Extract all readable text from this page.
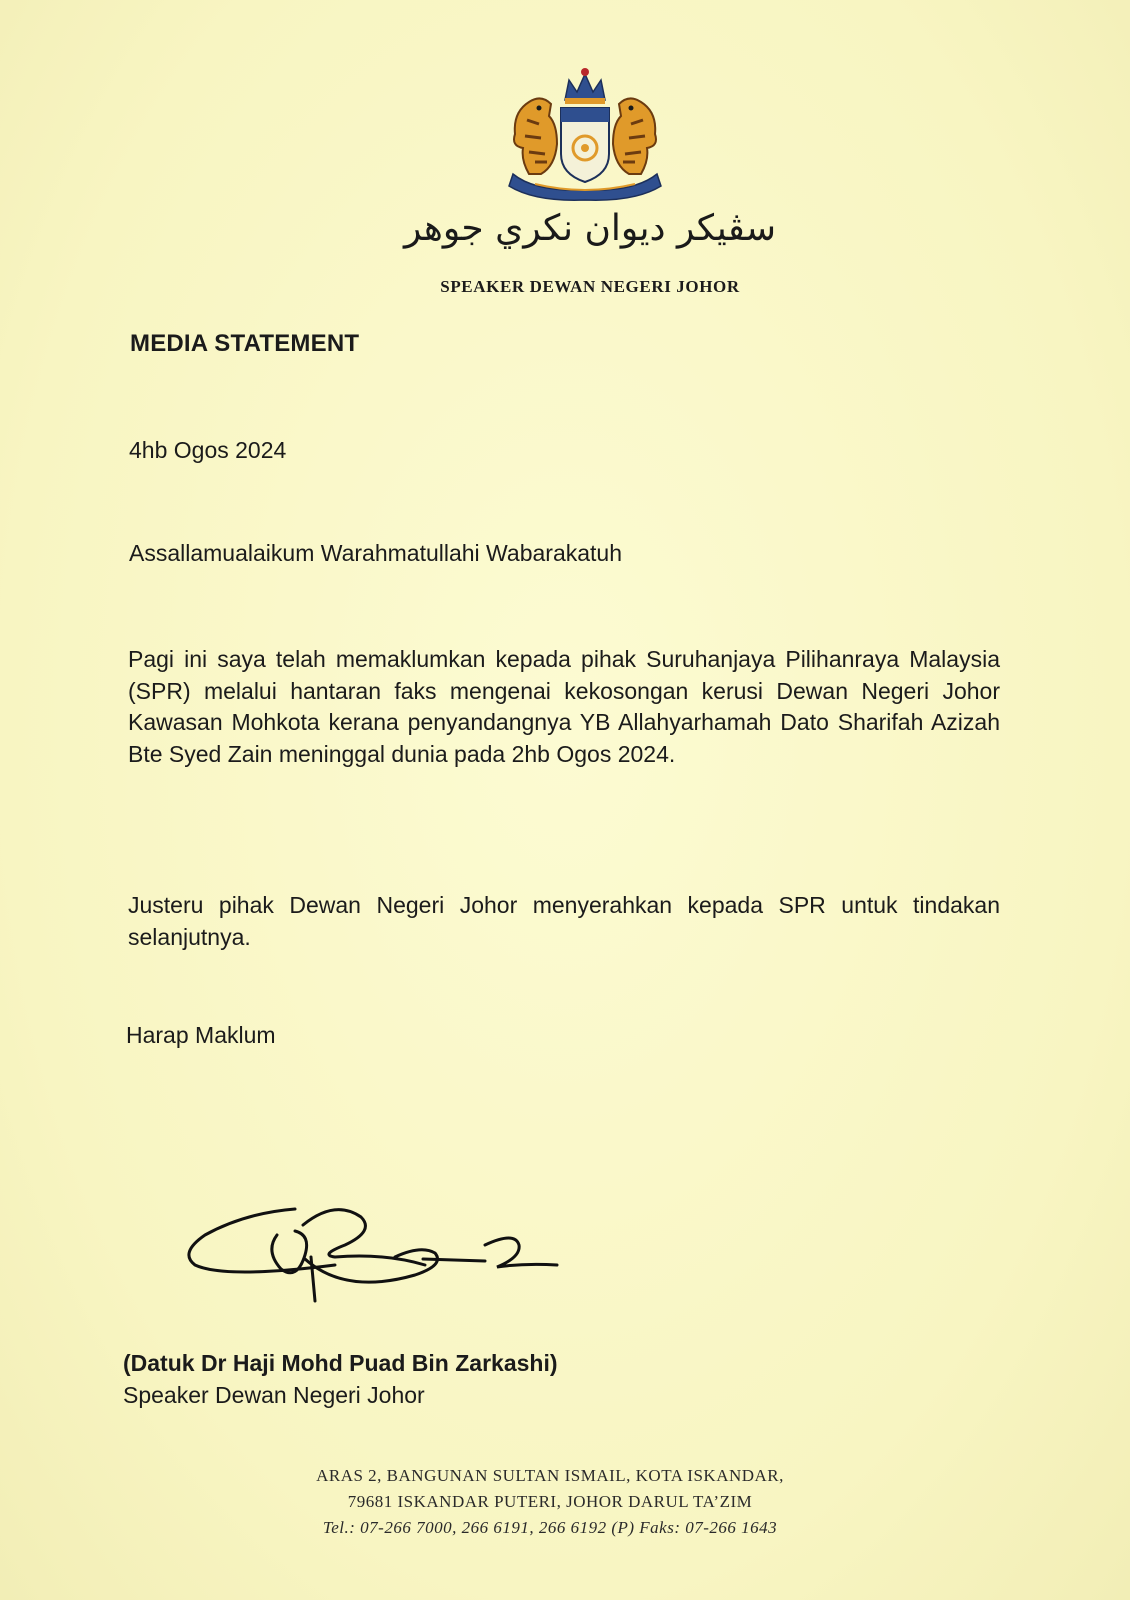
سڤيکر ديوان نکري جوهر
SPEAKER DEWAN NEGERI JOHOR
MEDIA STATEMENT
4hb Ogos 2024
Assallamualaikum Warahmatullahi Wabarakatuh

Pagi ini saya telah memaklumkan kepada pihak Suruhanjaya Pilihanraya Malaysia (SPR) melalui hantaran faks mengenai kekosongan kerusi Dewan Negeri Johor Kawasan Mohkota kerana penyandangnya YB Allahyarhamah Dato Sharifah Azizah Bte Syed Zain meninggal dunia pada 2hb Ogos 2024.

Justeru pihak Dewan Negeri Johor menyerahkan kepada SPR untuk tindakan selanjutnya.

Harap Maklum
(Datuk Dr Haji Mohd Puad Bin Zarkashi)
Speaker Dewan Negeri Johor
ARAS 2, BANGUNAN SULTAN ISMAIL, KOTA ISKANDAR,
79681 ISKANDAR PUTERI, JOHOR DARUL TA’ZIM
Tel.: 07-266 7000, 266 6191, 266 6192 (P) Faks: 07-266 1643
